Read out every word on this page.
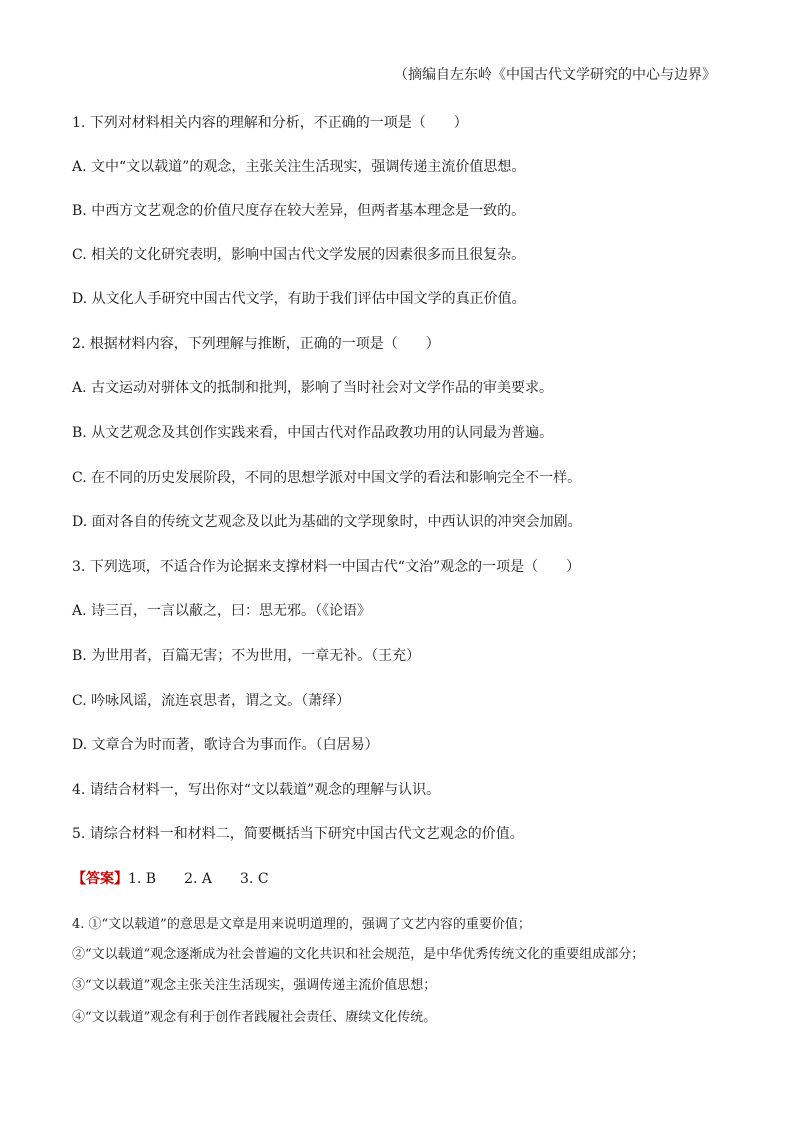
（摘编自左东岭《中国古代文学研究的中心与边界》
1. 下列对材料相关内容的理解和分析，不正确的一项是（　　）
A. 文中“文以载道”的观念，主张关注生活现实，强调传递主流价值思想。
B. 中西方文艺观念的价值尺度存在较大差异，但两者基本理念是一致的。
C. 相关的文化研究表明，影响中国古代文学发展的因素很多而且很复杂。
D. 从文化人手研究中国古代文学，有助于我们评估中国文学的真正价值。
2. 根据材料内容，下列理解与推断，正确的一项是（　　）
A. 古文运动对骈体文的抵制和批判，影响了当时社会对文学作品的审美要求。
B. 从文艺观念及其创作实践来看，中国古代对作品政教功用的认同最为普遍。
C. 在不同的历史发展阶段，不同的思想学派对中国文学的看法和影响完全不一样。
D. 面对各自的传统文艺观念及以此为基础的文学现象时，中西认识的冲突会加剧。
3. 下列选项，不适合作为论据来支撑材料一中国古代“文治”观念的一项是（　　）
A. 诗三百，一言以蔽之，曰：思无邪。（《论语》
B. 为世用者，百篇无害；不为世用，一章无补。（王充）
C. 吟咏风谣，流连哀思者，谓之文。（萧绎）
D. 文章合为时而著，歌诗合为事而作。（白居易）
4. 请结合材料一，写出你对“文以载道”观念的理解与认识。
5. 请综合材料一和材料二，简要概括当下研究中国古代文艺观念的价值。
【答案】1. B　　2. A　　3. C
4. ①“文以载道”的意思是文章是用来说明道理的，强调了文艺内容的重要价值；
②“文以载道”观念逐渐成为社会普遍的文化共识和社会规范，是中华优秀传统文化的重要组成部分；
③“文以载道”观念主张关注生活现实，强调传递主流价值思想；
④“文以载道”观念有利于创作者践履社会责任、赓续文化传统。
